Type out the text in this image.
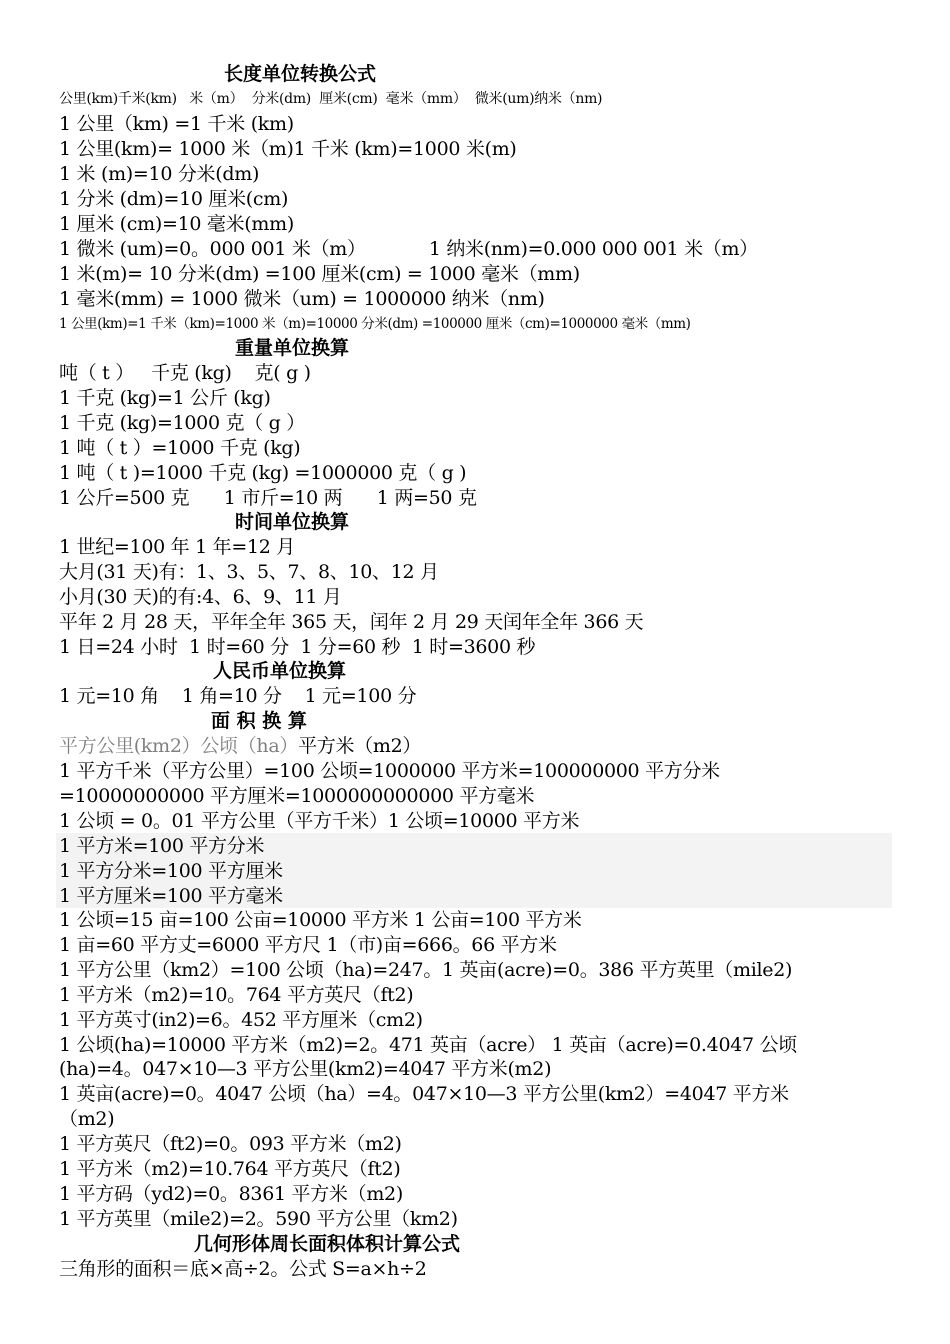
长度单位转换公式
公里(km)千米(km)   米（m）  分米(dm)  厘米(cm)  毫米（mm）  微米(um)纳米（nm)
1 公里（km) =1 千米 (km)
1 公里(km)= 1000 米（m)1 千米 (km)=1000 米(m)
1 米 (m)=10 分米(dm)
1 分米 (dm)=10 厘米(cm)
1 厘米 (cm)=10 毫米(mm)
1 微米 (um)=0。000 001 米（m）           1 纳米(nm)=0.000 000 001 米（m）
1 米(m)= 10 分米(dm) =100 厘米(cm) = 1000 毫米（mm)
1 毫米(mm) = 1000 微米（um) = 1000000 纳米（nm)
1 公里(km)=1 千米（km)=1000 米（m)=10000 分米(dm) =100000 厘米（cm)=1000000 毫米（mm)
重量单位换算
吨（ t ）   千克 (kg)    克( g )
1 千克 (kg)=1 公斤 (kg)
1 千克 (kg)=1000 克（ g ）
1 吨（ t ）=1000 千克 (kg)
1 吨（ t )=1000 千克 (kg) =1000000 克（ g )
1 公斤=500 克      1 市斤=10 两      1 两=50 克
时间单位换算
1 世纪=100 年 1 年=12 月
大月(31 天)有：1、3、5、7、8、10、12 月
小月(30 天)的有:4、6、9、11 月
平年 2 月 28 天，平年全年 365 天，闰年 2 月 29 天闰年全年 366 天
1 日=24 小时  1 时=60 分  1 分=60 秒  1 时=3600 秒
人民币单位换算
1 元=10 角    1 角=10 分    1 元=100 分
面 积 换 算
平方公里(km2）公顷（ha）平方米（m2）
1 平方千米（平方公里）=100 公顷=1000000 平方米=100000000 平方分米
=10000000000 平方厘米=1000000000000 平方毫米
1 公顷 = 0。01 平方公里（平方千米）1 公顷=10000 平方米
1 平方米=100 平方分米
1 平方分米=100 平方厘米
1 平方厘米=100 平方毫米
1 公顷=15 亩=100 公亩=10000 平方米 1 公亩=100 平方米
1 亩=60 平方丈=6000 平方尺 1（市)亩=666。66 平方米
1 平方公里（km2）=100 公顷（ha)=247。1 英亩(acre)=0。386 平方英里（mile2)
1 平方米（m2)=10。764 平方英尺（ft2)
1 平方英寸(in2)=6。452 平方厘米（cm2)
1 公顷(ha)=10000 平方米（m2)=2。471 英亩（acre） 1 英亩（acre)=0.4047 公顷
(ha)=4。047×10—3 平方公里(km2)=4047 平方米(m2)
1 英亩(acre)=0。4047 公顷（ha）=4。047×10—3 平方公里(km2）=4047 平方米
（m2)
1 平方英尺（ft2)=0。093 平方米（m2)
1 平方米（m2)=10.764 平方英尺（ft2)
1 平方码（yd2)=0。8361 平方米（m2)
1 平方英里（mile2)=2。590 平方公里（km2)
几何形体周长面积体积计算公式
三角形的面积＝底×高÷2。公式 S=a×h÷2
